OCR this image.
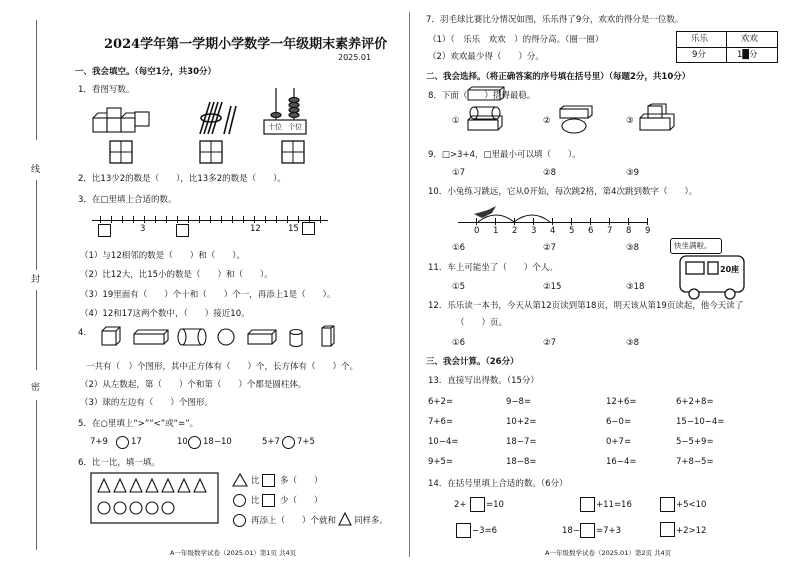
线
封
密
2024学年第一学期小学数学一年级期末素养评价
2025.01
一、我会填空。（每空1分，共30分）
1．看图写数。
十位 个位
2．比13少2的数是（　　），比13多2的数是（　　）。
3．在□里填上合适的数。
3	12	15
（1）与12相邻的数是（　　）和（　　）。
（2）比12大，比15小的数是（　　）和（　　）。
（3）19里面有（　　）个十和（　　）个一，再添上1是（　　）。
（4）12和17这两个数中，（　　）接近10。
4.
一共有（　）个图形，其中正方体有（　　）个，长方体有（　　）个。
（2）从左数起，第（　　）个和第（　　）个都是圆柱体。
（3）球的左边有（　　）个图形。
5．在○里填上“>”“<”或“=”。
7+9	17	10 18−10	5+7 7+5
6．比一比，填一填。
比 多（　　）
比 少（　　）
再添上（　　）个就和 同样多。
A一年级数学试卷（2025.01）第1页 共4页
7．羽毛球比赛比分情况如图，乐乐得了9分，欢欢的得分是一位数。
（1）（　乐乐　欢欢　）的得分高。（圈一圈）
（2）欢欢最少得（　　）分。
乐乐	欢欢
9分	1█分
二、我会选择。（将正确答案的序号填在括号里）（每题2分，共10分）
8．下面（　　）搭得最稳。
①	②	③
9．□>3+4，□里最小可以填（　　）。
①7	②8	③9
10．小兔练习跳远，它从0开始，每次跳2格，第4次跳到数字（　　）。
0 1 2 3 4 5 6 7 8 9
①6	②7	③8	快坐满啦。
20座
11．车上可能坐了（　　）个人。
①5	②15	③18
12．乐乐读一本书，今天从第12页读到第18页，明天该从第19页读起，他今天读了
（　　）页。
①6	②7	③8
三、我会计算。（26分）
13．直接写出得数。（15分）
6+2=	9−8=	12+6=	6+2+8=
7+6=	10+2=	6−0=	15−10−4=
10−4=	18−7=	0+7=	5−5+9=
9+5=	18−8=	16−4=	7+8−5=
14．在括号里填上合适的数。（6分）
2+ =10	+11=16	+5<10
−3=6	18− =7+3	+2>12
A一年级数学试卷（2025.01）第2页 共4页
